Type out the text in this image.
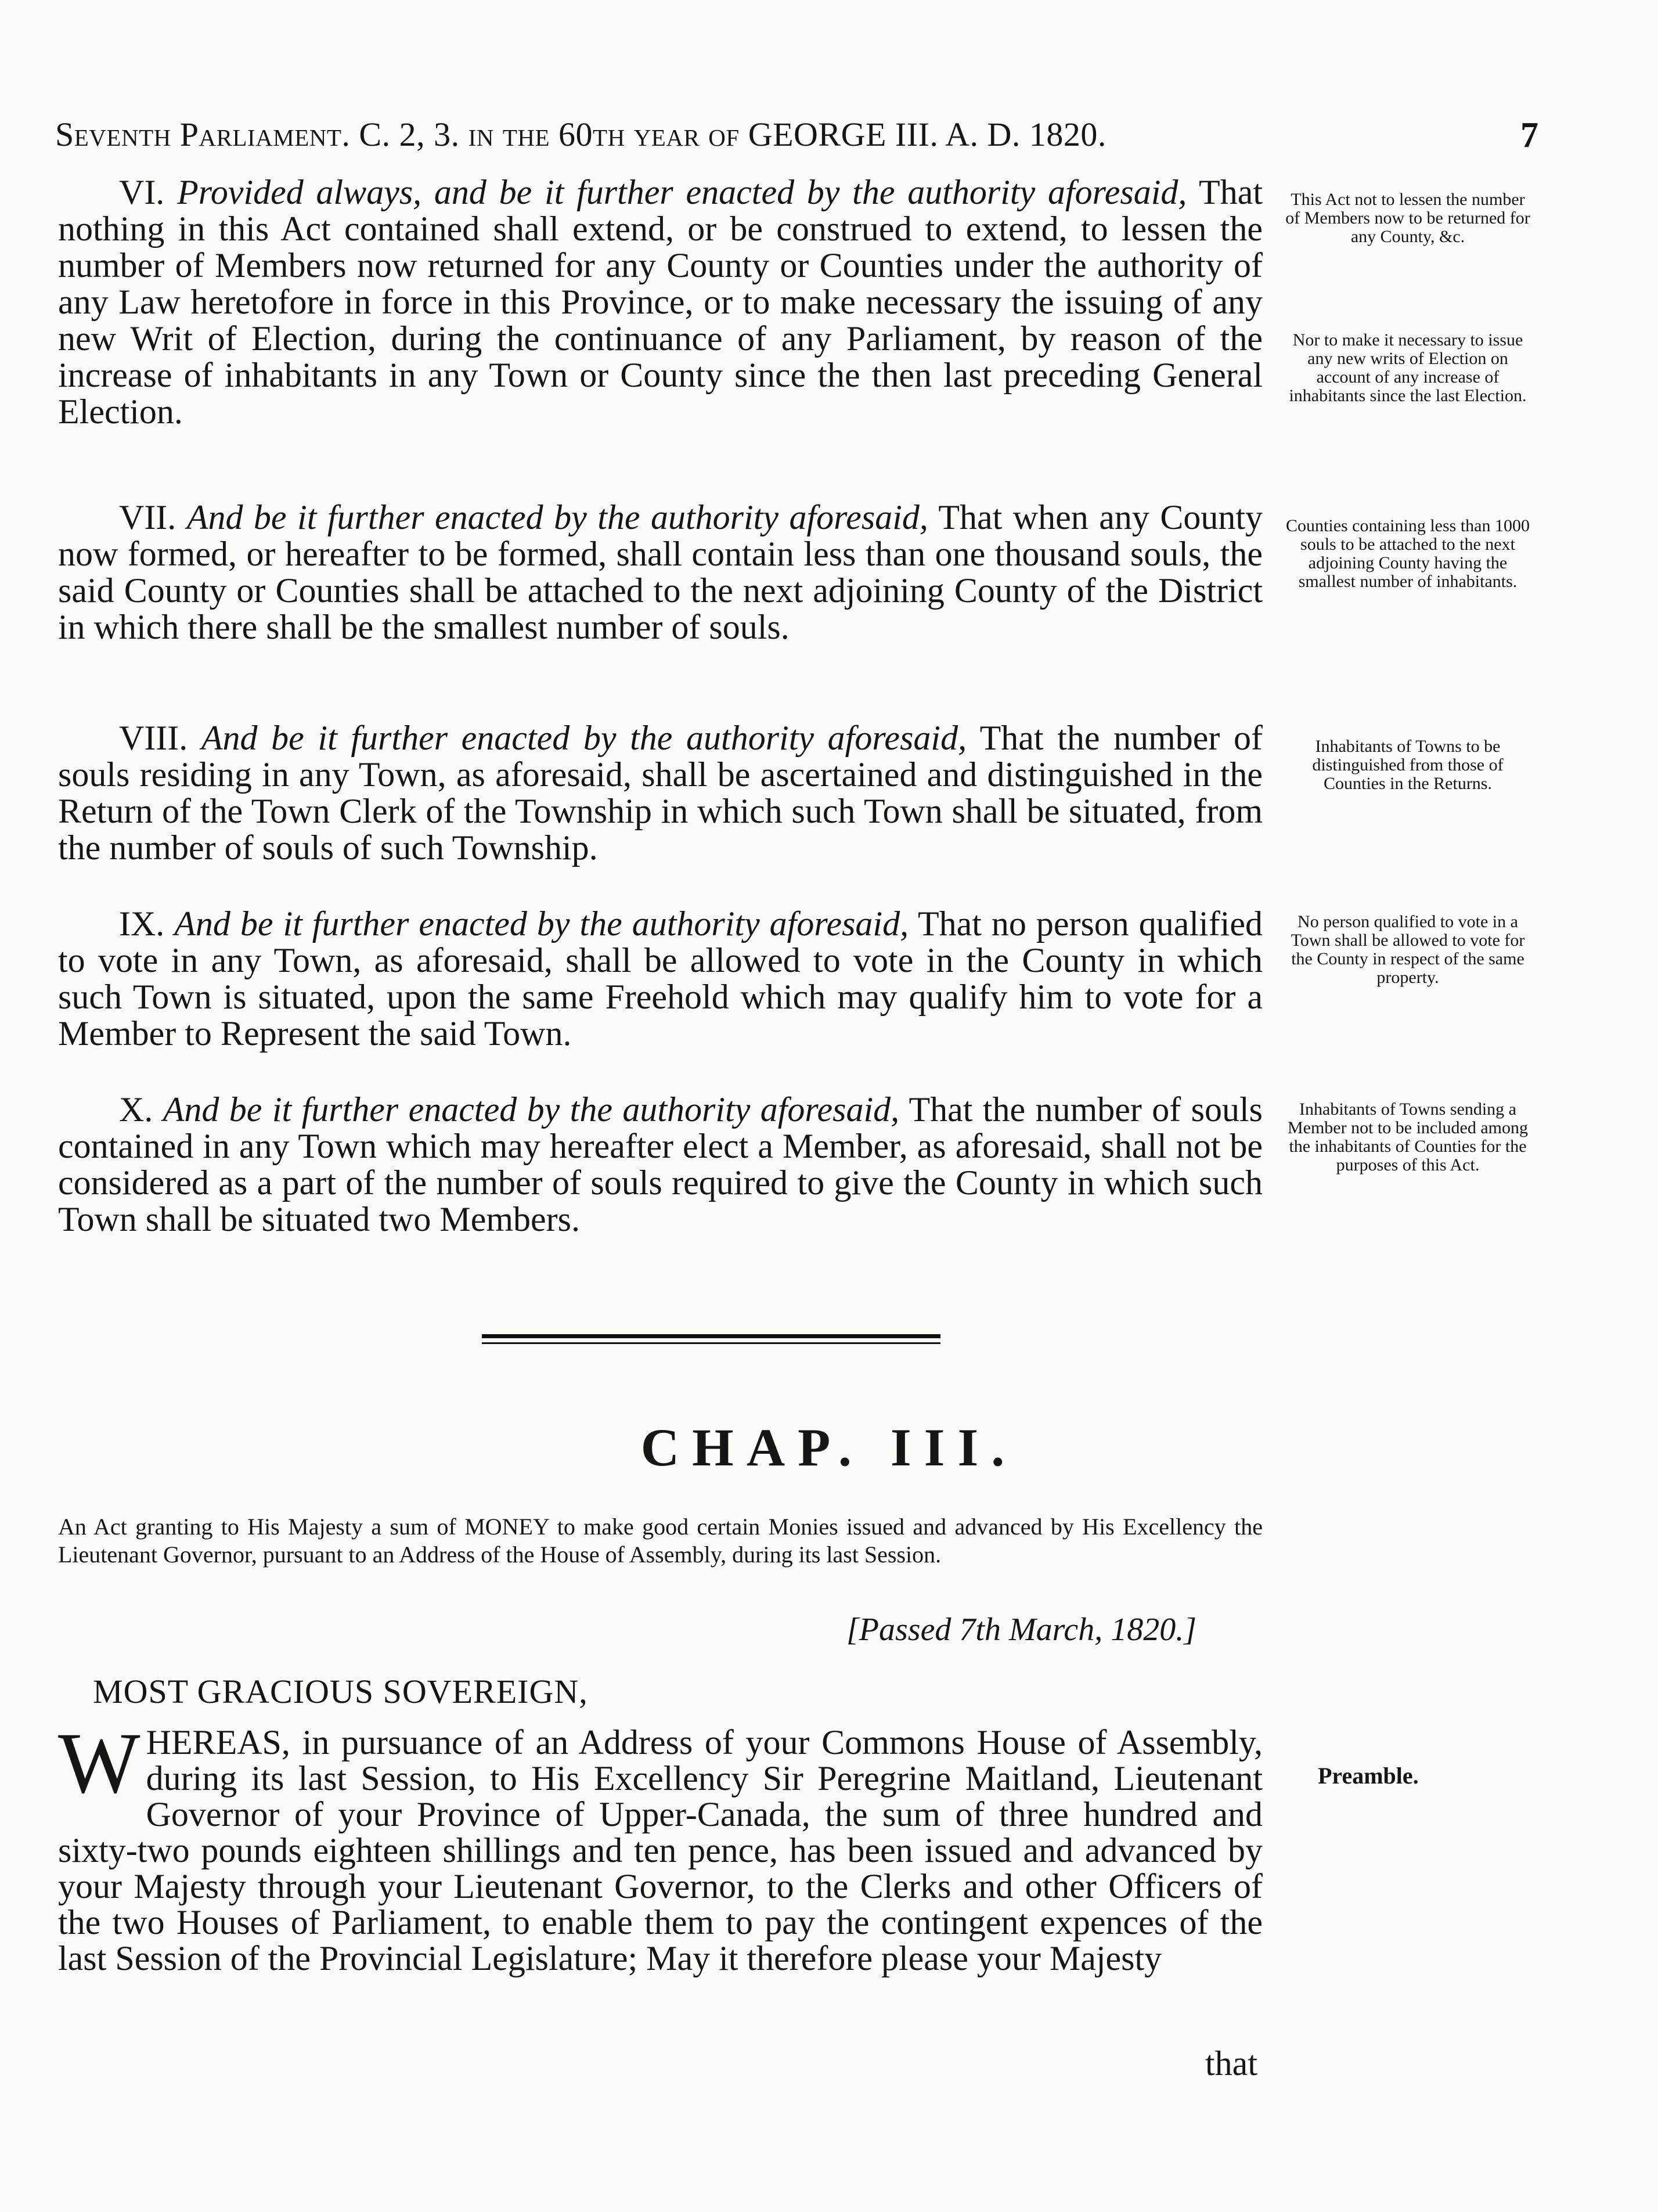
Seventh Parliament. C. 2, 3. in the 60th year of GEORGE III. A. D. 1820.	7

VI. Provided always, and be it further enacted by the authority aforesaid, That nothing in this Act contained shall extend, or be construed to extend, to lessen the number of Members now returned for any County or Counties under the authority of any Law heretofore in force in this Province, or to make necessary the issuing of any new Writ of Election, during the continuance of any Parliament, by reason of the increase of inhabitants in any Town or County since the then last preceding General Election.

This Act not to lessen the number of Members now to be returned for any County, &c.
Nor to make it necessary to issue any new writs of Election on account of any increase of inhabitants since the last Election.

VII. And be it further enacted by the authority aforesaid, That when any County now formed, or hereafter to be formed, shall contain less than one thousand souls, the said County or Counties shall be attached to the next adjoining County of the District in which there shall be the smallest number of souls.

Counties containing less than 1000 souls to be attached to the next adjoining County having the smallest number of inhabitants.

VIII. And be it further enacted by the authority aforesaid, That the number of souls residing in any Town, as aforesaid, shall be ascertained and distinguished in the Return of the Town Clerk of the Township in which such Town shall be situated, from the number of souls of such Township.

Inhabitants of Towns to be distinguished from those of Counties in the Returns.

IX. And be it further enacted by the authority aforesaid, That no person qualified to vote in any Town, as aforesaid, shall be allowed to vote in the County in which such Town is situated, upon the same Freehold which may qualify him to vote for a Member to Represent the said Town.

No person qualified to vote in a Town shall be allowed to vote for the County in respect of the same property.

X. And be it further enacted by the authority aforesaid, That the number of souls contained in any Town which may hereafter elect a Member, as aforesaid, shall not be considered as a part of the number of souls required to give the County in which such Town shall be situated two Members.

Inhabitants of Towns sending a Member not to be included among the inhabitants of Counties for the purposes of this Act.
CHAP. III.
An Act granting to His Majesty a sum of MONEY to make good certain Monies issued and advanced by His Excellency the Lieutenant Governor, pursuant to an Address of the House of Assembly, during its last Session.
[Passed 7th March, 1820.]
MOST GRACIOUS SOVEREIGN,

W HEREAS, in pursuance of an Address of your Commons House of Assembly, during its last Session, to His Excellency Sir Peregrine Maitland, Lieutenant Governor of your Province of Upper-Canada, the sum of three hundred and sixty-two pounds eighteen shillings and ten pence, has been issued and advanced by your Majesty through your Lieutenant Governor, to the Clerks and other Officers of the two Houses of Parliament, to enable them to pay the contingent expences of the last Session of the Provincial Legislature; May it therefore please your Majesty

Preamble.
that
